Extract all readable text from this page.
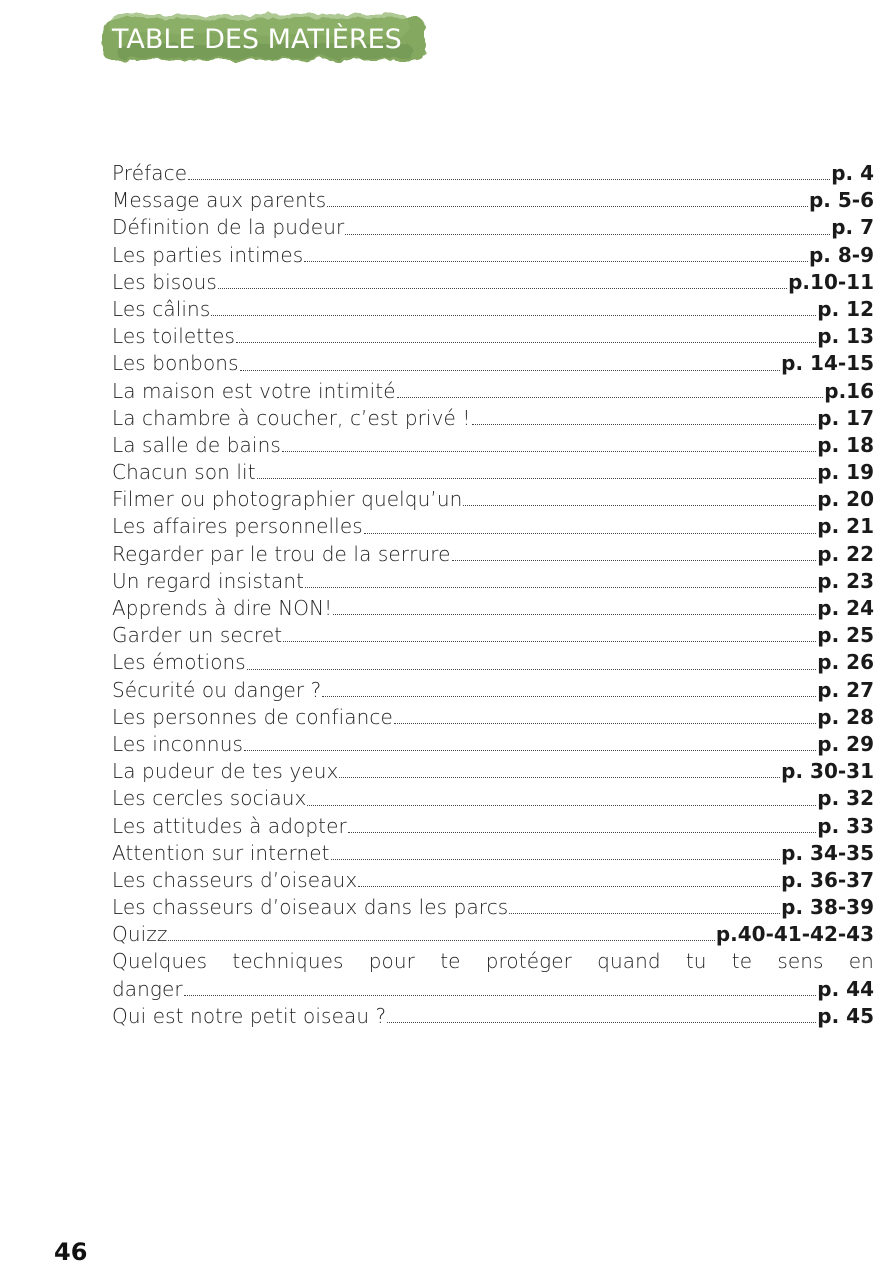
TABLE DES MATIÈRES
Préface	p. 4
Message aux parents	p. 5-6
Définition de la pudeur	p. 7
Les parties intimes	p. 8-9
Les bisous	p.10-11
Les câlins	p. 12
Les toilettes	p. 13
Les bonbons	p. 14-15
La maison est votre intimité	p.16
La chambre à coucher, c’est privé !	p. 17
La salle de bains	p. 18
Chacun son lit	p. 19
Filmer ou photographier quelqu’un	p. 20
Les affaires personnelles	p. 21
Regarder par le trou de la serrure	p. 22
Un regard insistant	p. 23
Apprends à dire NON!	p. 24
Garder un secret	p. 25
Les émotions	p. 26
Sécurité ou danger ?	p. 27
Les personnes de confiance	p. 28
Les inconnus	p. 29
La pudeur de tes yeux	p. 30-31
Les cercles sociaux	p. 32
Les attitudes à adopter	p. 33
Attention sur internet	p. 34-35
Les chasseurs d’oiseaux	p. 36-37
Les chasseurs d’oiseaux dans les parcs	p. 38-39
Quizz	p.40-41-42-43
Quelques techniques pour te protéger quand tu te sens en
danger	p. 44
Qui est notre petit oiseau ?	p. 45
46
